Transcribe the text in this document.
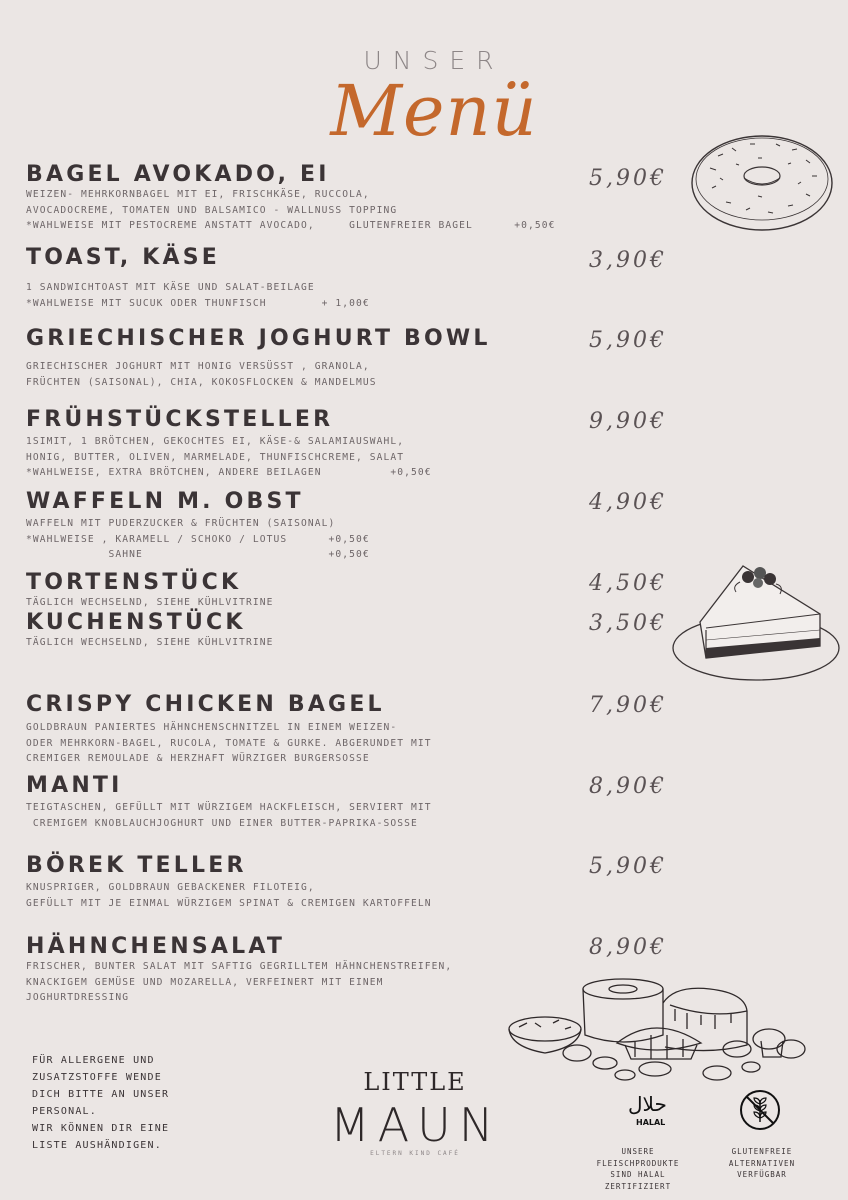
UNSER
Menü
BAGEL AVOKADO, EI
WEIZEN- MEHRKORNBAGEL MIT EI, FRISCHKÄSE, RUCCOLA,
AVOCADOCREME, TOMATEN UND BALSAMICO - WALLNUSS TOPPING
*WAHLWEISE MIT PESTOCREME ANSTATT AVOCADO,     GLUTENFREIER BAGEL      +0,50€
5,90€
TOAST, KÄSE
1 SANDWICHTOAST MIT KÄSE UND SALAT-BEILAGE
*WAHLWEISE MIT SUCUK ODER THUNFISCH        + 1,00€
3,90€
GRIECHISCHER JOGHURT BOWL
GRIECHISCHER JOGHURT MIT HONIG VERSÜSST , GRANOLA,
FRÜCHTEN (SAISONAL), CHIA, KOKOSFLOCKEN & MANDELMUS
5,90€
FRÜHSTÜCKSTELLER
1SIMIT, 1 BRÖTCHEN, GEKOCHTES EI, KÄSE-& SALAMIAUSWAHL,
HONIG, BUTTER, OLIVEN, MARMELADE, THUNFISCHCREME, SALAT
*WAHLWEISE, EXTRA BRÖTCHEN, ANDERE BEILAGEN          +0,50€
9,90€
WAFFELN M. OBST
WAFFELN MIT PUDERZUCKER & FRÜCHTEN (SAISONAL)
*WAHLWEISE , KARAMELL / SCHOKO / LOTUS      +0,50€
SAHNE                           +0,50€
4,90€
TORTENSTÜCK
TÄGLICH WECHSELND, SIEHE KÜHLVITRINE
4,50€
KUCHENSTÜCK
TÄGLICH WECHSELND, SIEHE KÜHLVITRINE
3,50€
CRISPY CHICKEN BAGEL
GOLDBRAUN PANIERTES HÄHNCHENSCHNITZEL IN EINEM WEIZEN-
ODER MEHRKORN-BAGEL, RUCOLA, TOMATE & GURKE. ABGERUNDET MIT
CREMIGER REMOULADE & HERZHAFT WÜRZIGER BURGERSOSSE
7,90€
MANTI
TEIGTASCHEN, GEFÜLLT MIT WÜRZIGEM HACKFLEISCH, SERVIERT MIT
CREMIGEM KNOBLAUCHJOGHURT UND EINER BUTTER-PAPRIKA-SOSSE
8,90€
BÖREK TELLER
KNUSPRIGER, GOLDBRAUN GEBACKENER FILOTEIG,
GEFÜLLT MIT JE EINMAL WÜRZIGEM SPINAT & CREMIGEN KARTOFFELN
5,90€
HÄHNCHENSALAT
FRISCHER, BUNTER SALAT MIT SAFTIG GEGRILLTEM HÄHNCHENSTREIFEN,
KNACKIGEM GEMÜSE UND MOZARELLA, VERFEINERT MIT EINEM
JOGHURTDRESSING
8,90€
FÜR ALLERGENE UND
ZUSATZSTOFFE WENDE
DICH BITTE AN UNSER
PERSONAL.
WIR KÖNNEN DIR EINE
LISTE AUSHÄNDIGEN.
LITTLE
MAUN
ELTERN KIND CAFÉ
حلال
HALAL
UNSERE FLEISCHPRODUKTE
SIND HALAL
ZERTIFIZIERT
GLUTENFREIE
ALTERNATIVEN
VERFÜGBAR
